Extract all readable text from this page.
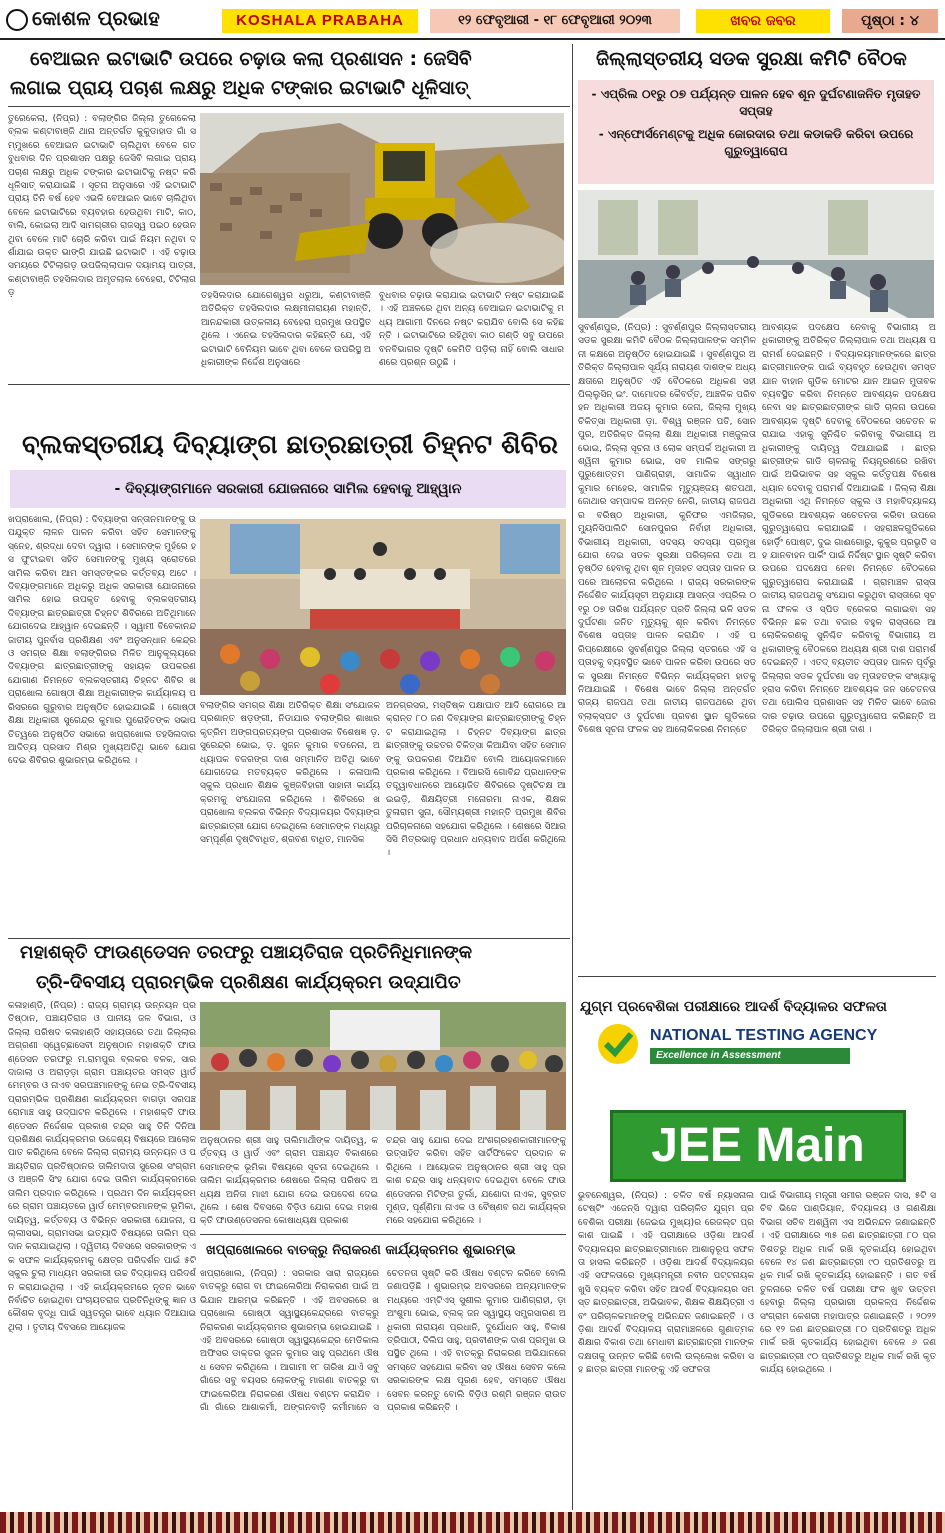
କୋଶଳ ପ୍ରଭାହ	KOSHALA PRABAHA	୧୨ ଫେବୃଆରୀ - ୧୮ ଫେବୃଆରୀ ୨୦୨୩	ଖବର ଜବର	ପୃଷ୍ଠା : ୪
ବେଆଇନ ଇଟାଭାଟି ଉପରେ ଚଢ଼ାଉ କଲା ପ୍ରଶାସନ : ଜେସିବି
ଲଗାଇ ପ୍ରାୟ ପଚାଶ ଲକ୍ଷରୁ ଅଧିକ ଟଙ୍କାର ଇଟାଭାଟି ଧୂଳିସାତ୍
ତୁରେକେଲା, (ନିପ୍ର) : ବଲାଙ୍ଗିର ଜିଲ୍ଲା ତୁରେକେଲା ବ୍ଲକ କଣ୍ଟାବାଞ୍ଜି ଥାନା ଅନ୍ତର୍ଗତ କୁକୁଡାହାଡ ଗାଁ ସମ୍ମୁଖରେ ବେଆଇନ ଇଟାଭାଟି ଚାଲିଥିବା ବେଳେ ଗତ ବୁଧବାର ଦିନ ପ୍ରଶାସନ ପକ୍ଷରୁ ଜେସିବି ଲଗାଇ ପ୍ରାୟ ପଚାଶ ଲକ୍ଷରୁ ଅଧିକ ଟଙ୍କାର ଇଟାଭାଟିକୁ ନଷ୍ଟ କରି ଧୂଳିସାତ୍ କରାଯାଇଛି । ସୂଚନା ଅନୁସାରେ ଏହି ଇଟାଭାଟି ପ୍ରାୟ ତିନି ବର୍ଷ ହେବ ଏଭଳି ବେଆଇନ ଭାବେ ଚାଲିଥିବା ବେଳେ ଇଟାଭାଟିରେ ବ୍ୟବହାର ହେଉଥିବା ମାଟି, କାଠ, ବାଲି, କୋଇଲା ଆଦି ସାମଗ୍ରୀର ରାଜସ୍ୱ ପଇଠ ହେଉନଥିବା ବେଳେ ମାଟି ଚୋରି କରିବା ପାଇଁ ନିୟମ ନଥିବା ଦର୍ଶାଯାଇ ଉକ୍ତ ଭାଙ୍ଗି ଯାଇଛି ଇଟାଭାଟି । ଏହି ଚଢ଼ାଉ ସମୟରେ ଟିଟିଲାଗଡ଼ ଉପଜିଲ୍ଲାପାଳ ଦୟାମୟ ପାତ୍ରୀ, କଣ୍ଟାବାଞ୍ଜି ତହସିଲଦାର ଅମୃତଲାଲ ବେହେରା, ଟିଟିଲାଗଡ଼	ତହସିଲଦାର ଯୋଗେଶ୍ୱର ଧରୁଆ, କଣ୍ଟାବାଞ୍ଜି ଅତିରିକ୍ତ ତହସିଲଦାର ଲକ୍ଷ୍ମୀନାରାୟଣ ମହାନ୍ତି, ଆନନ୍ଦକାରୀ ଉତ୍କଳୀୟ ବେହେରା ପ୍ରମୁଖ ଉପସ୍ଥିତ ଥିଲେ । ଏନେଇ ତହସିଲଦାର କହିଛନ୍ତି ଯେ, ଏହି ଇଟାଭାଟି ବେନିୟମ ଭାବେ ଥିବା ବେଳେ ଉପରିସ୍ଥ ଅଧିକାରୀଙ୍କ ନିର୍ଦ୍ଦେଶ ଅନୁସାରେ
ବୁଧବାର ଚଢ଼ାଉ କରାଯାଇ ଇଟାଭାଟି ନଷ୍ଟ କରାଯାଇଛି । ଏହି ଅଞ୍ଚଳରେ ଥିବା ଅନ୍ୟ ବେଆଇନ ଇଟାଭାଟିକୁ ମଧ୍ୟ ଆଗାମୀ ଦିନରେ ନଷ୍ଟ କରାଯିବ ବୋଲି ସେ କହିଛନ୍ତି । ଇଟାଭାଟିରେ ରହିଥିବା କାଠ ଗଣ୍ଡି ସବୁ ଉପରେ ବନବିଭାଗର ଦୃଷ୍ଟି କେମିତି ପଡ଼ିଲା ନାହିଁ ବୋଲି ସାଧାରଣରେ ପ୍ରଶ୍ନ ଉଠୁଛି ।
ଜିଲ୍ଲାସ୍ତରୀୟ ସଡକ ସୁରକ୍ଷା କମିଟି ବୈଠକ
- ଏପ୍ରିଲ ୦୧ରୁ ୦୭ ପର୍ଯ୍ୟନ୍ତ ପାଳନ ହେବ ଶୂନ ଦୁର୍ଘଟଣାଜନିତ ମୃତାହତ ସପ୍ତାହ
- ଏନ୍‌ଫୋର୍ସମେଣ୍ଟକୁ ଅଧିକ ଜୋରଦାର ତଥା କଡାକଡି କରିବା ଉପରେ ଗୁରୁତ୍ୱାରୋପ
ସୁବର୍ଣ୍ଣପୁର, (ନିପ୍ର) : ସୁବର୍ଣ୍ଣପୁର ଜିଲ୍ଲାସ୍ତରୀୟ ସଡକ ସୁରକ୍ଷା କମିଟି ବୈଠକ ଜିଲ୍ଲାପାଳଙ୍କ ସମ୍ମିଳନୀ କକ୍ଷରେ ଅନୁଷ୍ଠିତ ହୋଇଯାଇଛି । ସୁବର୍ଣ୍ଣପୁର ଅତିରିକ୍ତ ଜିଲ୍ଲାପାଳ ସୂର୍ଯ୍ୟ ନାରାୟଣ ଦାଶଙ୍କ ଅଧ୍ୟକ୍ଷତାରେ ଅନୁଷ୍ଠିତ ଏହି ବୈଠକରେ ଅଧିକଣ ସହୀ ପିଲ୍ଲୁସିନ୍ ଇଂ. ଦାମୋଦର କୈବର୍ତ୍ତ, ଆଞ୍ଚଳିକ ପରିବହନ ଅଧିକାରୀ ଅଜୟ କୁମାର ଜେନା, ଜିଲ୍ଲା ମୁଖ୍ୟ ଚିକିତ୍ସା ଅଧିକାରୀ ଡ଼ା. ବିଶ୍ୱ ରଞ୍ଜନ ପତି, ସୋନପୁର, ଅତିରିକ୍ତ ଜିଲ୍ଲା ଶିକ୍ଷା ଅଧିକାରୀ ମଞ୍ଜୁଲତା ଭୋଇ, ଜିଲ୍ଲା ସୂଚନା ଓ ଲୋକ ସମ୍ପର୍କ ଅଧିକାରୀ ଅଶ୍ୱିନୀ କୁମାର ଭୋଇ, ସବ ମାଲିକ ସଙ୍ଗରୁ ପୁରୁଷୋତ୍ତମ ପାଣିଗ୍ରାହୀ, ସାମାଜିକ ସ୍ୱାଧୀନ କୁମାର ମେହେର, ସାମାଜିକ ମୃତ୍ୟୁଞ୍ଜୟ ଶତପଥୀ, ଜୋଥାର ସମ୍ପାଦକ ଅନନ୍ତ ନେଗି, ଜାତୀୟ ରାଜପଥର ବରିଷ୍ଠ ଅଧିକାରୀ, କୁନିଫର ଏମଜିଲାର, ମ୍ୟୁନିସିପାଲିଟି ସୋନପୁରର ନିର୍ବାହୀ ଅଧିକାରୀ, ବିଭାଗୀୟ ଅଧିକାରୀ, ସଦସ୍ୟ ସଦସ୍ୟା ପ୍ରମୁଖ ଯୋଗ ଦେଇ ସଡକ ସୁରକ୍ଷା ପରିଚାଳନା ତଥା ଅନୁଷ୍ଠିତ ହେବାକୁ ଥିବା ଶୂନ ମୃତାହତ ସପ୍ତାହ ପାଳନ ଉପରେ ଆଲୋଚନା କରିଥିଲେ । ରାଜ୍ୟ ସରକାରଙ୍କ ନିର୍ଦ୍ଦେଶିତ କାର୍ଯ୍ୟସୂଚୀ ଅନୁଯାୟୀ ଆସନ୍ତା ଏପ୍ରିଲ ୦୧ରୁ ୦୭ ତାରିଖ ପର୍ଯ୍ୟନ୍ତ ପ୍ରତି ଜିଲ୍ଲା ଭଳି ସଡକ ଦୁର୍ଘଟଣା ଜନିତ ମୃତ୍ୟୁକୁ ଶୂନ କରିବା ନିମନ୍ତେ ବିଶେଷ ସପ୍ତାହ ପାଳନ କରାଯିବ । ଏହି ପରିପ୍ରେକ୍ଷୀରେ ସୁବର୍ଣ୍ଣପୁର ଜିଲ୍ଲା ସ୍ତରରେ ଏହି ସପ୍ତାହକୁ ବ୍ୟବସ୍ଥିତ ଭାବେ ପାଳନ କରିବା ଉପରେ ସଡକ ସୁରକ୍ଷା ନିମନ୍ତେ ବିଭିନ୍ନ କାର୍ଯ୍ୟକ୍ରମ ହାତକୁ ନିଆଯାଇଛି । ବିଶେଷ ଭାବେ ଜିଲ୍ଲା ଅନ୍ତର୍ଗତ ରାଜ୍ୟ ରାଜପଥ ତଥା ଜାତୀୟ ରାଜପଥରେ ଥିବା ବ୍ଲାକ୍‌ସ୍ପଟ ଓ ଦୁର୍ଘଟଣା ପ୍ରବଣ ସ୍ଥାନ ଗୁଡିକରେ ବିଶେଷ ସୂଚନା ଫଳକ ସହ ଆଲୋକିକରଣ ନିମନ୍ତେ
ଆବଶ୍ୟକ ପଦକ୍ଷେପ ନେବାକୁ ବିଭାଗୀୟ ଅଧିକାରୀଙ୍କୁ ଅତିରିକ୍ତ ଜିଲ୍ଲାପାଳ ତଥା ଅଧ୍ୟକ୍ଷ ପରାମର୍ଶ ଦେଇଛନ୍ତି । ବିଦ୍ୟାଳୟମାନଙ୍କରେ ଛାତ୍ରଛାତ୍ରୀମାନଙ୍କ ପାଇଁ ବ୍ୟବହୃତ ହେଉଥିବା ସମସ୍ତ ଯାନ ବାହାନ ଗୁଡିକ ମୋଟର ଯାନ ଆଇନ ମୁତାବକ ବ୍ୟବସ୍ଥିତ କରିବା ନିମନ୍ତେ ଆବଶ୍ୟକ ପଦକ୍ଷେପ ନେବା ସହ ଛାତ୍ରଛାତ୍ରୀଙ୍କ ଗାଡି ଚାଳନା ଉପରେ ଆବଶ୍ୟକ ଦୃଷ୍ଟି ଦେବାକୁ ବୈଠକରେ ସଚେତନ କରାଯାଇ ଏହାକୁ ସୁନିଶ୍ଚିତ କରିବାକୁ ବିଭାଗୀୟ ଅଧିକାରୀଙ୍କୁ ଦାୟିତ୍ୱ ଦିଆଯାଇଛି । ଛାତ୍ରଛାତ୍ରୀଙ୍କ ଗାଡି ଚାଳନାକୁ ନିୟନ୍ତ୍ରଣରେ ରଖିବା ପାଇଁ ଅଭିଭାବକ ସହ ସ୍କୁଲ କର୍ତ୍ତୃପକ୍ଷ ବିଶେଷ ଧ୍ୟାନ ଦେବାକୁ ପରାମର୍ଶ ଦିଆଯାଇଛି । ଜିଲ୍ଲା ଶିକ୍ଷା ଅଧିକାରୀ ଏଥି ନିମନ୍ତେ ସ୍କୁଲ ଓ ମହାବିଦ୍ୟାଳୟ ଗୁଡିକରେ ଆବଶ୍ୟକ ସଚେତନତା କରିବା ଉପରେ ଗୁରୁତ୍ୱାରୋପ କରାଯାଇଛି । ସହରାଞ୍ଚଳଗୁଡିକରେ ହୋର୍ଡ଼ିଂ ପୋଷ୍ଟ, ଦୁଇ ଗାଈଗୋରୁ, କୁକୁର ପ୍ରଭୃତି ସହ ଯାନବାହନ ପାର୍କିଂ ପାଇଁ ନିର୍ଦ୍ଦିଷ୍ଟ ସ୍ଥାନ ସୃଷ୍ଟି କରିବା ଉପରେ ପଦକ୍ଷେପ ନେବା ନିମନ୍ତେ ବୈଠକରେ ଗୁରୁତ୍ୱାରୋପ କରାଯାଇଛି । ଗ୍ରାମାଞ୍ଚଳ ରାସ୍ତା ଜାତୀୟ ରାଜପଥକୁ ସଂଯୋଗ କରୁଥିବା ରାସ୍ତାରେ ସୂଚନା ଫଳକ ଓ ସ୍ପିଡ ବ୍ରେକର ଲଗାଇବା ସହ ବିଭିନ୍ନ ଛକ ତଥା ବଜାର ବହୁଳ ରାସ୍ତାରେ ଆଲୋକିକରଣକୁ ସୁନିଶ୍ଚିତ କରିବାକୁ ବିଭାଗୀୟ ଅଧିକାରୀଙ୍କୁ ବୈଠକରେ ଅଧ୍ୟକ୍ଷ ଶ୍ରୀ ଦାଶ ପରାମର୍ଶ ଦେଇଛନ୍ତି । ଏତଦ୍ ବ୍ୟତୀତ ସପ୍ତାହ ପାଳନ ପୂର୍ବରୁ ଜିଲ୍ଲାର ସଡକ ଦୁର୍ଘଟଣା ସହ ମୃତାହତଙ୍କ ସଂଖ୍ୟାକୁ ହ୍ରାସ କରିବା ନିମନ୍ତେ ଆବଶ୍ୟକ ଜନ ସଚେତନତା ତଥା ପୋଲିସ ପ୍ରଶାସନ ସହ ମିଳିତ ଭାବେ ଜୋରଦାର ଚଢ଼ାଉ ଉପରେ ଗୁରୁତ୍ୱାରୋପ କରିଛନ୍ତି ଅତିରିକ୍ତ ଜିଲ୍ଲାପାଳ ଶ୍ରୀ ଦାଶ ।
ବ୍ଲକସ୍ତରୀୟ ଦିବ୍ୟାଙ୍ଗ ଛାତ୍ରଛାତ୍ରୀ ଚିହ୍ନଟ ଶିବିର
- ଦିବ୍ୟାଙ୍ଗମାନେ ସରକାରୀ ଯୋଜନାରେ ସାମିଲ ହେବାକୁ ଆହ୍ୱାନ
ଖପ୍ରାଖୋଲ, (ନିପ୍ର) : ଦିବ୍ୟାଙ୍ଗ ସନ୍ତାନମାନଙ୍କୁ ଉପଯୁକ୍ତ ଲାଳନ ପାଳନ କରିବା ସହିତ ସେମାନଙ୍କୁ ସ୍ନେହ, ଶ୍ରଦ୍ଧା ଦେବା ଦ୍ୱାରା । ସେମାନଙ୍କ ମୁହଁରେ ହସ ଫୁଟାଇବା ସହିତ ସେମାନଙ୍କୁ ମୁଖ୍ୟ ସ୍ରୋତରେ ସାମିଲ କରିବା ଆମ ସମସ୍ତଙ୍କର କର୍ତ୍ତବ୍ୟ ଅଟେ । ଦିବ୍ୟାଙ୍ଗମାନେ ଅଧିକରୁ ଅଧିକ ସରକାରୀ ଯୋଜନାରେ ସାମିଲ ହୋଇ ଉପକୃତ ହେବାକୁ ବ୍ଲକସ୍ତରୀୟ ଦିବ୍ୟାଙ୍ଗ ଛାତ୍ରଛାତ୍ରୀ ଚିହ୍ନଟ ଶିବିରରେ ଅତିଥିମାନେ ଯୋଗଦେଇ ଆହ୍ୱାନ ଦେଇଛନ୍ତି । ସ୍ୱାମୀ ବିବେକାନନ୍ଦ ଜାତୀୟ ପୁନର୍ବାସ ପ୍ରଶିକ୍ଷଣ ଏବଂ ଅନୁସନ୍ଧାନ କେନ୍ଦ୍ର ଓ ସମଗ୍ର ଶିକ୍ଷା ବଲାଙ୍ଗିରର ମିଳିତ ଆନୁକୂଲ୍ୟରେ ଦିବ୍ୟାଙ୍ଗ ଛାତ୍ରଛାତ୍ରୀଙ୍କୁ ସହାୟକ ଉପକରଣ ଯୋଗାଣ ନିମନ୍ତେ ବ୍ଲକସ୍ତରୀୟ ଚିହ୍ନଟ ଶିବିର ଖପ୍ରାଖୋଲ ଗୋଷ୍ଠୀ ଶିକ୍ଷା ଅଧିକାରୀଙ୍କ କାର୍ଯ୍ୟାଳୟ ପରିସରରେ ଗୁରୁବାର ଅନୁଷ୍ଠିତ ହୋଇଯାଇଛି । ଗୋଷ୍ଠୀ ଶିକ୍ଷା ଅଧିକାରୀ ସୁରେନ୍ଦ୍ର କୁମାର ପୁରୋହିତଙ୍କ ସଭାପତିତ୍ୱରେ ଅନୁଷ୍ଠିତ ସଭାରେ ଖପ୍ରାଖୋଲ ତହସିଲଦାର ଆଦିତ୍ୟ ପ୍ରସାଦ ମିଶ୍ର ମୁଖ୍ୟଅତିଥି ଭାବେ ଯୋଗଦେଇ ଶିବିରର ଶୁଭାରମ୍ଭ କରିଥିଲେ ।
ବଲାଙ୍ଗିର ସମଗ୍ର ଶିକ୍ଷା ଅତିରିକ୍ତ ଶିକ୍ଷା ସଂଯୋଜକ ପ୍ରଶାନ୍ତ ଷଡ଼ଙ୍ଗୀ, ନିଡାଯାର ବଲାଙ୍ଗିର ଶାଖାର କୃତ୍ରିମ ଅଙ୍ଗପ୍ରତ୍ୟଙ୍ଗ ପ୍ରଶାସକ ବିଶେଷଜ୍ଞ ଡ଼. ସୁରେନ୍ଦ୍ର ଭୋଇ, ଡ଼. ସୁଜନ କୁମାର ବଡନେନା, ଅଧ୍ୟାପକ ବଜରଙ୍ଗ ଦାଶ ସମ୍ମାନିତ ଅତିଥି ଭାବେ ଯୋଗଦେଇ ମତବ୍ୟକ୍ତ କରିଥିଲେ । କଳାପାଲି ସ୍କୁଲ ପ୍ରଧାନ ଶିକ୍ଷକ କୁଞ୍ଜବିହାରୀ ସାହାନୀ କାର୍ଯ୍ୟକ୍ରମକୁ ସଂଯୋଜନା କରିଥିଲେ । ଶିବିରରେ ଖପ୍ରାଖୋଲ ବ୍ଲକର ବିଭିନ୍ନ ବିଦ୍ୟାଳୟର ଦିବ୍ୟାଙ୍ଗ ଛାତ୍ରଛାତ୍ରୀ ଯୋଗ ଦେଇଥିଲେ ସେମାନଙ୍କ ମଧ୍ୟରୁ ସମ୍ପୂର୍ଣ୍ଣ ଦୃଷ୍ଟିବାଧିତ, ଶ୍ରବଣ ବାଧିତ, ମାନସିକ
ଅନଗ୍ରସର, ମସ୍ତିଷ୍କ ପକ୍ଷାଘାତ ଆଦି ରୋଗରେ ଆକ୍ରାନ୍ତ ୮୦ ଜଣ ଦିବ୍ୟାଙ୍ଗ ଛାତ୍ରଛାତ୍ରୀଙ୍କୁ ଚିହ୍ନଟ କରାଯାଇଥିଲା । ଚିହ୍ନଟ ଦିବ୍ୟାଙ୍ଗ ଛାତ୍ରଛାତ୍ରୀଙ୍କୁ ଉଚ୍ଚତର ଚିକିତ୍ସା କିଆଯିବା ସହିତ ସେମାନଙ୍କୁ ଉପକରଣ ଦିଆଯିବ ବୋଲି ଆୟୋଜକମାନେ ପ୍ରକାଶ କରିଥିଲେ । ବିଆରସି ଗୋବିନ୍ଦ ପ୍ରଧାନଙ୍କ ତତ୍ତ୍ୱାବଧାନରେ ଆୟୋଜିତ ଶିବିରରେ ଦୃଷ୍ଟିଚକ୍ଷ ଆଇଇଡ଼ି, ଶିକ୍ଷୟିତ୍ରୀ ମନୋରମା ନାଏକ, ଶିକ୍ଷକ ତୁଳାରାମ ସୁନା, ସୌମ୍ୟଶ୍ରୀ ମହାନ୍ତି ପ୍ରମୁଖ ଶିବିର ପରିଚାଳନାରେ ସହଯୋଗ କରିଥିଲେ । ଶେଷରେ ସିଆରସିସି ମିତ୍ରଭାନୁ ପ୍ରଧାନ ଧନ୍ୟବାଦ ଅର୍ପଣ କରିଥିଲେ ।
ମହାଶକ୍ତି ଫାଉଣ୍ଡେସନ ତରଫରୁ ପଞ୍ଚାୟତିରାଜ ପ୍ରତିନିଧିମାନଙ୍କ
ତ୍ରି-ଦିବସୀୟ ପ୍ରାରମ୍ଭିକ ପ୍ରଶିକ୍ଷଣ କାର୍ଯ୍ୟକ୍ରମ ଉଦ୍‌ଯାପିତ
କଳାହାଣ୍ଡି, (ନିପ୍ର) : ରାଜ୍ୟ ଗ୍ରାମ୍ୟ ଉନ୍ନୟନ ପ୍ରତିଷ୍ଠାନ, ପଞ୍ଚାୟତିରାଜ ଓ ପାନୀୟ ଜଳ ବିଭାଗ, ଓ ଜିଲ୍ଲା ପରିଷଦ କଳାହାଣ୍ଡି ସହାୟତାରେ ତଥା ଜିଲ୍ଲାର ଅଗ୍ରଣୀ ସ୍ୱେଚ୍ଛାସେବୀ ଅନୁଷ୍ଠାନ ମହାଶକ୍ତି ଫାଉଣ୍ଡେସନ ତରଫରୁ ମ.ରାମପୁର ବ୍ଲକର ବଳକ, ସାରଦାଜାଲା ଓ ଅରାଡ଼ଡ଼ା ଗ୍ରାମ ପଞ୍ଚାୟତର ସମସ୍ତ ୱାର୍ଡ ମେମ୍ବର ଓ ନାଏବ ସରପଞ୍ଚମାନଙ୍କୁ ନେଇ ତ୍ରି-ଦିବସୀୟ ପ୍ରାରମ୍ଭିକ ପ୍ରଶିକ୍ଷଣ କାର୍ଯ୍ୟକ୍ରମ ବାଗଡ଼ା ସରପଞ୍ଚ ରୋମାଞ୍ଚ ସାହୁ ଉଦ୍‌ଘାଟନ କରିଥିଲେ । ମହାଶକ୍ତି ଫାଉଣ୍ଡେସନ ନିର୍ଦ୍ଦେଶକ ପ୍ରକାଶ ଚନ୍ଦ୍ର ସାହୁ ତିନି ଦିନିଆ ପ୍ରଶିକ୍ଷଣ କାର୍ଯ୍ୟକ୍ରମର ଉଦ୍ଦେଶ୍ୟ ବିଷୟରେ ଆଲୋକପାତ କରିଥିଲେ ବେଳେ ଜିଲ୍ଲା ଗ୍ରାମ୍ୟ ଉନ୍ନୟନ ଓ ପଞ୍ଚାୟତିରାଜ ପ୍ରତିଷ୍ଠାନର ତାଲିମଦାତା ସୁରେଶ ସଂଗ୍ରାମ ଓ ଅଞ୍ଜଳି ସିଂହ ଯୋଗ ଦେଇ ତାଲିମ କାର୍ଯ୍ୟକ୍ରମରେ ତାଲିମ ପ୍ରଦାନ କରିଥିଲେ । ପ୍ରଥମ ଦିନ କାର୍ଯ୍ୟକ୍ରମରେ ଗ୍ରାମ ପଞ୍ଚାୟତରେ ୱାର୍ଡ ମେମ୍ବରମାନଙ୍କ ଭୂମିକା, ଦାୟିତ୍ୱ, କର୍ତ୍ତବ୍ୟ ଓ ବିଭିନ୍ନ ସରକାରୀ ଯୋଜନା, ପଲ୍ଲୀସଭା, ଗ୍ରାମସଭା ଇତ୍ୟାଦି ବିଷୟରେ ତାଲିମ ପ୍ରଦାନ କରାଯାଇଥିଲା । ଦ୍ୱିତୀୟ ଦିବସରେ ସରକାରଙ୍କ ଏକ ସଫଳ କାର୍ଯ୍ୟକ୍ରମକୁ କ୍ଷେତ୍ର ପରିଦର୍ଶନ ପାଇଁ ୫ଟି ସ୍କୁଲ ଚୁଲା ମାଧ୍ୟମ ସରକାରୀ ଉଚ୍ଚ ବିଦ୍ୟାଳୟ ପରିଦର୍ଶନ କରାଯାଇଥିଲା । ଏହି କାର୍ଯ୍ୟକ୍ରମରେ ନୂତନ ଭାବେ ନିର୍ବାଚିତ ହୋଇଥିବା ପଂଚାୟତରାଜ ପ୍ରତିନିଧିଙ୍କୁ ଜ୍ଞାନ ଓ କୌଶଳ ବୃଦ୍ଧି ପାଇଁ ସ୍ୱତନ୍ତ୍ର ଭାବେ ଧ୍ୟାନ ଦିଆଯାଇଥିଲା । ତୃତୀୟ ଦିବସରେ ଆୟୋଜକ
ଅନୁଷ୍ଠାନର ଶ୍ରୀ ସାହୁ ତାଲିମାର୍ଥୀଙ୍କ ଦାୟିତ୍ୱ, କର୍ତ୍ତବ୍ୟ ଓ ୱାର୍ଡ ଏବଂ ଗ୍ରାମ ପଞ୍ଚାୟତ ବିକାଶରେ ସେମାନଙ୍କ ଭୂମିକା ବିଷୟରେ ସୂଚନା ଦେଇଥିଲେ । ତାଲିମ କାର୍ଯ୍ୟକ୍ରମର ଶେଷରେ ଜିଲ୍ଲା ପରିଷଦ ଅଧ୍ୟକ୍ଷ ଅନିତା ମାଝୀ ଯୋଗ ଦେଇ ଉପଦେଶ ଦେଇଥିଲେ । ଶେଷ ଦିବସରେ ବିଡ଼ିଓ ଯୋଗ ଦେଇ ମହାଶକ୍ତି ଫାଉଣ୍ଡେସନର କୋଷାଧ୍ୟକ୍ଷ ପ୍ରକାଶ
ଚନ୍ଦ୍ର ସାହୁ ଯୋଗ ଦେଇ ଅଂଶଗ୍ରହଣକାରୀମାନଙ୍କୁ ଉତ୍ସାହିତ କରିବା ସହିତ ସାର୍ଟିଫିକେଟ ପ୍ରଦାନ କରିଥିଲେ । ଆୟୋଜକ ଅନୁଷ୍ଠାନର ଶ୍ରୀ ସାହୁ ପ୍ରକାଶ ଚନ୍ଦ୍ର ସାହୁ ଧନ୍ୟବାଦ ଦେଇଥିବା ବେଳେ ଫାଉଣ୍ଡେସନର ମିଟିଙ୍ଗ ତୁର୍ଲା, ଯଶୋଦା ନାଏକ, ସୁବ୍ରତ ମୁଣ୍ଡ, ପୂର୍ଣ୍ଣିମା ନାଏକ ଓ ବୈଷ୍ଣବ ରଥ କାର୍ଯ୍ୟକ୍ରମରେ ସହଯୋଗ କରିଥିଲେ ।
ଖପ୍ରାଖୋଲରେ ବାତକ୍ରୁ ନିରାକରଣ କାର୍ଯ୍ୟକ୍ରମର ଶୁଭାରମ୍ଭ
ଖପ୍ରାଖୋଲ, (ନିପ୍ର) : ସରକାର ସାରା ରାଜ୍ୟରେ ବାତକ୍ରୁ ରୋଗ ବା ଫାଇଲେରିଆ ନିରାକରଣ ପାଇଁ ଅଭିଯାନ ଆରମ୍ଭ କରିଛନ୍ତି । ଏହି ଅବସରରେ ଖପ୍ରାଖୋଲ ଗୋଷ୍ଠୀ ସ୍ୱାସ୍ଥ୍ୟକେନ୍ଦ୍ରରେ ବାତକ୍ରୁ ନିରାକରଣ କାର୍ଯ୍ୟକ୍ରମର ଶୁଭାରମ୍ଭ ହୋଇଯାଇଛି । ଏହି ଅବସରରେ ଗୋଷ୍ଠୀ ସ୍ୱାସ୍ଥ୍ୟକେନ୍ଦ୍ର ମେଡିକାଲ ଅଫିସର ଡାକ୍ତର ସୁଜନ କୁମାର ସାହୁ ପ୍ରଥମେ ଔଷଧ ସେବନ କରିଥିଲେ । ଆଗାମୀ ୧୮ ତାରିଖ ଯାଏଁ ସବୁ ଗାଁରେ ସବୁ ବୟସର ଲୋକଙ୍କୁ ମାଗଣା ବାତକ୍ରୁ ବା ଫାଇଲେରିଆ ନିରାକରଣ ଔଷଧ ବଣ୍ଟନ କରାଯିବ । ଗାଁ ଗାଁରେ ଆଶାକର୍ମୀ, ଅଙ୍ଗନବାଡ଼ି କର୍ମୀମାନେ ସଚେତନତା ସୃଷ୍ଟି କରି ଔଷଧ ବଣ୍ଟନ କରିବେ ବୋଲି ଜଣାପଡ଼ିଛି । ଶୁଭାରମ୍ଭ ଅବସରରେ ଅନ୍ୟମାନଙ୍କ ମଧ୍ୟରେ ଏମ୍‌ଟିଏସ୍ ସୁଶୀଲ କୁମାର ପାଣିଗ୍ରାହୀ, ଡ଼ା ଅଂଶୁମା ଭୋଇ, ବ୍ଲକ୍ ଜନ ସ୍ୱାସ୍ଥ୍ୟ ସମ୍ପ୍ରସାରଣ ଅଧିକାରୀ ନାରାୟଣ ପ୍ରଧାନି, ଦୁର୍ଯୋଧନ ସାହୁ, ବିକାଶ ତ୍ରିପାଠୀ, ଦିଲିପ ସାହୁ, ପ୍ରବୀଣଙ୍କ ଦାଶ ପ୍ରମୁଖ ଉପସ୍ଥିତ ଥିଲେ । ଏହି ବାତକ୍ରୁ ନିରାକରଣ ଅଭିଯାନରେ ସମସ୍ତେ ସହଯୋଗ କରିବା ସହ ଔଷଧ ସେବନ କଲେ ସରକାରଙ୍କ ଲକ୍ଷ ପୂରଣ ହେବ, ସମସ୍ତେ ଔଷଧ ସେବନ କରନ୍ତୁ ବୋଲି ବିଡ଼ିଓ ରଶ୍ମି ରଞ୍ଜନ ରାଉତ ପ୍ରକାଶ କରିଛନ୍ତି ।
ଯୁଗ୍ମ ପ୍ରବେଶିକା ପରୀକ୍ଷାରେ ଆଦର୍ଶ ବିଦ୍ୟାଳର ସଫଳତା
NATIONAL TESTING AGENCY
Excellence in Assessment
JEE Main
ଭୁବନେଶ୍ୱର, (ନିପ୍ର) : ଚଳିତ ବର୍ଷ ନ୍ୟାସନାଲ ଟେଷ୍ଟିଂ ଏଜେନ୍ସି ଦ୍ୱାରା ପରିଚାଳିତ ଯୁଗ୍ମ ପ୍ରବେଶିକା ପରୀକ୍ଷା (ଜେଇଇ ମୁଖ୍ୟ)ର ରେଜଲ୍ଟ ପ୍ରକାଶ ପାଇଛି । ଏହି ପରୀକ୍ଷାରେ ଓଡ଼ିଶା ଆଦର୍ଶ ବିଦ୍ୟାଳୟର ଛାତ୍ରଛାତ୍ରୀମାନେ ଆଶାନୁରୂପ ସଫଳତା ହାସଲ କରିଛନ୍ତି । ଓଡ଼ିଶା ଆଦର୍ଶ ବିଦ୍ୟାଳୟର ଏହି ସଫଳତାରେ ମୁଖ୍ୟମନ୍ତ୍ରୀ ନବୀନ ପଟ୍ଟନାୟକ ଖୁସି ବ୍ୟକ୍ତ କରିବା ସହିତ ଆଦର୍ଶ ବିଦ୍ୟାଳୟର ସମସ୍ତ ଛାତ୍ରଛାତ୍ରୀ, ଅଭିଭାବକ, ଶିକ୍ଷକ ଶିକ୍ଷୟିତ୍ରୀ ଏବଂ ପରିଚାଳକମାନଙ୍କୁ ଅଭିନନ୍ଦନ ଜଣାଇଛନ୍ତି । ଓଡ଼ିଶା ଆଦର୍ଶ ବିଦ୍ୟାଳୟ ଗ୍ରାମାଞ୍ଚଳରେ ଗୁଣାତ୍ମକ ଶିକ୍ଷାର ବିକାଶ ତଥା ମେଧାବୀ ଛାତ୍ରଛାତ୍ରୀ ମାନଙ୍କ ଦକ୍ଷତାକୁ ଉନ୍ନତ କରିଛି ବୋଲି ଉଲ୍ଲେଖ କରିବା ସହ ଛାତ୍ର ଛାତ୍ରୀ ମାନଙ୍କୁ ଏହି ସଫଳତା
ପାଇଁ ବିଭାଗୀୟ ମନ୍ତ୍ରୀ ସମୀର ରଞ୍ଜନ ଦାସ, ୫ଟି ସଚିବ ଭିଜେ ପାଣ୍ଡିୟାନ, ବିଦ୍ୟାଳୟ ଓ ଗଣଶିକ୍ଷା ବିଭାଗ ସଚିବ ଅଶ୍ୱିନୀ ଏସ ଅଭିନନ୍ଦନ ଜଣାଇଛନ୍ତି । ଏହି ପରୀକ୍ଷାରେ ୩୫ ଜଣ ଛାତ୍ରଛାତ୍ରୀ ୮୦ ପ୍ରତିଶତରୁ ଅଧିକ ମାର୍କ ରଖି କୃତକାର୍ଯ୍ୟ ହୋଇଥିବା ବେଳେ ୧୪ ଜଣ ଛାତ୍ରଛାତ୍ରୀ ୯୦ ପ୍ରତିଶତରୁ ଅଧିକ ମାର୍କ ରଖି କୃତକାର୍ଯ୍ୟ ହୋଇଛନ୍ତି । ଗତ ବର୍ଷ ତୁଳନାରେ ଚଳିତ ବର୍ଷ ପରୀକ୍ଷା ଫଳ ଖୁବ ଉତ୍ତମ ହେବାରୁ ଜିଲ୍ଲା ପ୍ରଭାରୀ ପ୍ରକଳ୍ପ ନିର୍ଦ୍ଦେଶକ ସଂଗ୍ରାମ କେଶରୀ ମହାପାତ୍ର ଜଣାଇଛନ୍ତି । ୨୦୨୨ରେ ୧୨ ଜଣ ଛାତ୍ରଛାତ୍ରୀ ୮୦ ପ୍ରତିଶତରୁ ଅଧିକ ମାର୍କ ରଖି କୃତକାର୍ଯ୍ୟ ହୋଇଥିବା ବେଳେ ୬ ଜଣ ଛାତ୍ରଛାତ୍ରୀ ୯୦ ପ୍ରତିଶତରୁ ଅଧିକ ମାର୍କ ରଖି କୃତକାର୍ଯ୍ୟ ହୋଇଥିଲେ ।
